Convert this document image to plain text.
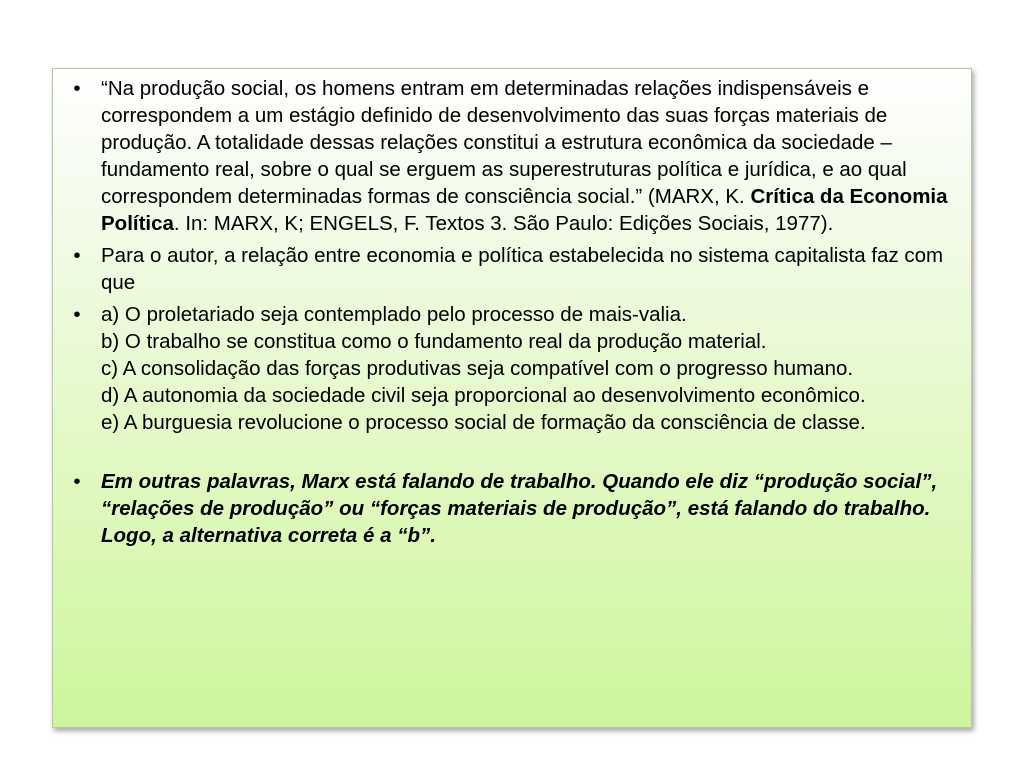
• “Na produção social, os homens entram em determinadas relações indispensáveis e correspondem a um estágio definido de desenvolvimento das suas forças materiais de produção. A totalidade dessas relações constitui a estrutura econômica da sociedade – fundamento real, sobre o qual se erguem as superestruturas política e jurídica, e ao qual correspondem determinadas formas de consciência social.” (MARX, K. Crítica da Economia Política. In: MARX, K; ENGELS, F. Textos 3. São Paulo: Edições Sociais, 1977).
• Para o autor, a relação entre economia e política estabelecida no sistema capitalista faz com que
• a) O proletariado seja contemplado pelo processo de mais-valia.
b) O trabalho se constitua como o fundamento real da produção material.
c) A consolidação das forças produtivas seja compatível com o progresso humano.
d) A autonomia da sociedade civil seja proporcional ao desenvolvimento econômico.
e) A burguesia revolucione o processo social de formação da consciência de classe.
• Em outras palavras, Marx está falando de trabalho. Quando ele diz “produção social”, “relações de produção” ou “forças materiais de produção”, está falando do trabalho. Logo, a alternativa correta é a “b”.
